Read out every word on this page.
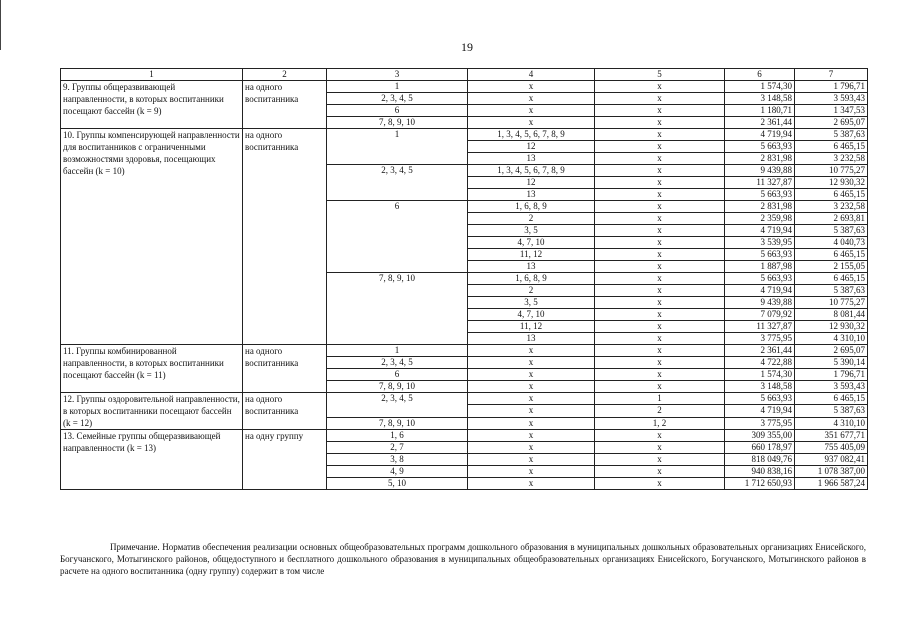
19
1	2	3	4	5	6	7
9. Группы общеразвивающей направленности, в которых воспитанники посещают бассейн (k = 9)	на одного воспитанника	1	x	x	1 574,30	1 796,71
		2, 3, 4, 5	x	x	3 148,58	3 593,43
		6	x	x	1 180,71	1 347,53
		7, 8, 9, 10	x	x	2 361,44	2 695,07
10. Группы компенсирующей направленности для воспитанников с ограниченными возможностями здоровья, посещающих бассейн (k = 10)	на одного воспитанника	1	1, 3, 4, 5, 6, 7, 8, 9	x	4 719,94	5 387,63
			12	x	5 663,93	6 465,15
			13	x	2 831,98	3 232,58
		2, 3, 4, 5	1, 3, 4, 5, 6, 7, 8, 9	x	9 439,88	10 775,27
			12	x	11 327,87	12 930,32
			13	x	5 663,93	6 465,15
		6	1, 6, 8, 9	x	2 831,98	3 232,58
			2	x	2 359,98	2 693,81
			3, 5	x	4 719,94	5 387,63
			4, 7, 10	x	3 539,95	4 040,73
			11, 12	x	5 663,93	6 465,15
			13	x	1 887,98	2 155,05
		7, 8, 9, 10	1, 6, 8, 9	x	5 663,93	6 465,15
			2	x	4 719,94	5 387,63
			3, 5	x	9 439,88	10 775,27
			4, 7, 10	x	7 079,92	8 081,44
			11, 12	x	11 327,87	12 930,32
			13	x	3 775,95	4 310,10
11. Группы комбинированной направленности, в которых воспитанники посещают бассейн (k = 11)	на одного воспитанника	1	x	x	2 361,44	2 695,07
		2, 3, 4, 5	x	x	4 722,88	5 390,14
		6	x	x	1 574,30	1 796,71
		7, 8, 9, 10	x	x	3 148,58	3 593,43
12. Группы оздоровительной направленности, в которых воспитанники посещают бассейн (k = 12)	на одного воспитанника	2, 3, 4, 5	x	1	5 663,93	6 465,15
			x	2	4 719,94	5 387,63
		7, 8, 9, 10	x	1, 2	3 775,95	4 310,10
13. Семейные группы общеразвивающей направленности (k = 13)	на одну группу	1, 6	x	x	309 355,00	351 677,71
		2, 7	x	x	660 178,97	755 405,09
		3, 8	x	x	818 049,76	937 082,41
		4, 9	x	x	940 838,16	1 078 387,00
		5, 10	x	x	1 712 650,93	1 966 587,24
Примечание. Норматив обеспечения реализации основных общеобразовательных программ дошкольного образования в муниципальных дошкольных образовательных организациях Енисейского, Богучанского, Мотыгинского районов, общедоступного и бесплатного дошкольного образования в муниципальных общеобразовательных организациях Енисейского, Богучанского, Мотыгинского районов в расчете на одного воспитанника (одну группу) содержит в том числе
